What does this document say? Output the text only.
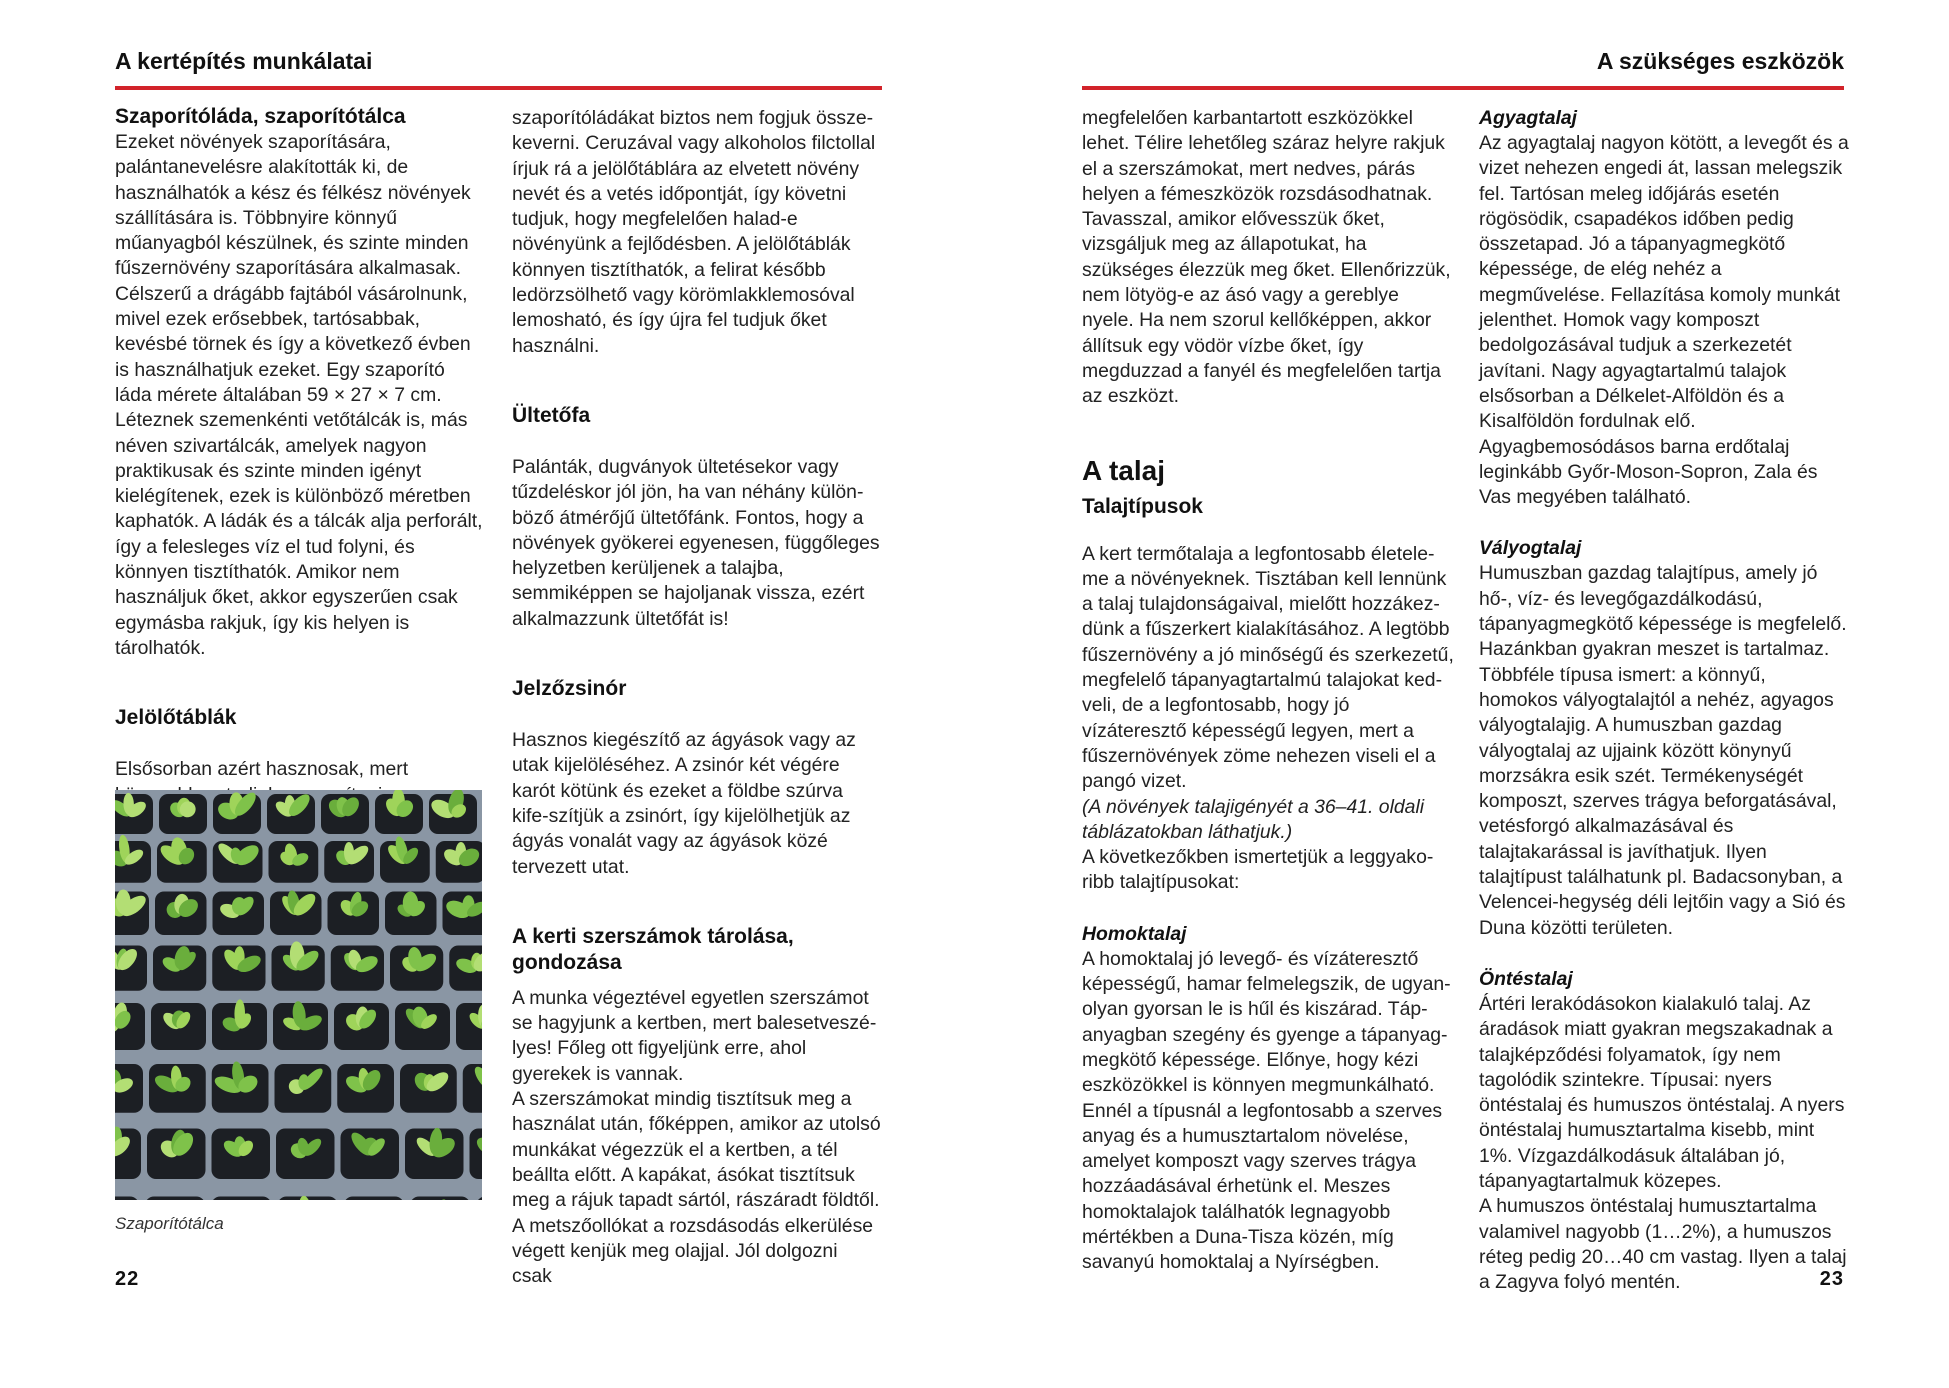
A kertépítés munkálatai

Szaporítóláda, szaporítótálca

Ezeket növények szaporítására, palántanevelésre alakították ki, de használhatók a kész és félkész növények szállítására is. Többnyire könnyű műanyagból készülnek, és szinte minden fűszernövény szaporítására alkalmasak. Célszerű a drágább fajtából vásárolnunk, mivel ezek erősebbek, tartósabbak, kevésbé törnek és így a következő évben is használhatjuk ezeket. Egy szaporító láda mérete általában 59 × 27 × 7 cm. Léteznek szemenkénti vetőtálcák is, más néven szivartálcák, amelyek nagyon praktikusak és szinte minden igényt kielégítenek, ezek is különböző méretben kaphatók. A ládák és a tálcák alja perforált, így a felesleges víz el tud folyni, és könnyen tisztíthatók. Amikor nem használjuk őket, akkor egyszerűen csak egymásba rakjuk, így kis helyen is tárolhatók.

Jelölőtáblák

Elsősorban azért hasznosak, mert

Szaporítótálca

szaporítóládákat biztos nem fogjuk összekeverni. Ceruzával vagy alkoholos filctollal írjuk rá a jelölőtáblára az elvetett növény nevét és a vetés időpontját, így követni tudjuk, hogy megfelelően halad-e növényünk a fejlődésben. A jelölőtáblák könnyen tisztíthatók, a felirat később ledörzsölhető vagy körömlakklemosóval lemosható, és így újra fel tudjuk őket használni.

Ültetőfa

Palánták, dugványok ültetésekor vagy tűzdeléskor jól jön, ha van néhány különböző átmérőjű ültetőfánk. Fontos, hogy a növények gyökerei egyenesen, függőleges helyzetben kerüljenek a talajba, semmiképpen se hajoljanak vissza, ezért alkalmazzunk ültetőfát is!

Jelzőzsinór

Hasznos kiegészítő az ágyások vagy az utak kijelöléséhez. A zsinór két végére karót kötünk és ezeket a földbe szúrva kife-szítjük a zsinórt, így kijelölhetjük az ágyás vonalát vagy az ágyások közé tervezett utat.

A kerti szerszámok tárolása, gondozása

A munka végeztével egyetlen szerszámot se hagyjunk a kertben, mert balesetveszélyes! Főleg ott figyeljünk erre, ahol gyerekek is vannak.

A szerszámokat mindig tisztítsuk meg a használat után, főképpen, amikor az utolsó munkákat végezzük el a kertben, a tél beállta előtt. A kapákat, ásókat tisztítsuk meg a rájuk tapadt sártól, rászáradt földtől. A metszőollókat a rozsdásodás elkerülése végett kenjük meg olajjal. Jól dolgozni csak

22
A szükséges eszközök

megfelelően karbantartott eszközökkel lehet. Télire lehetőleg száraz helyre rakjuk el a szerszámokat, mert nedves, párás helyen a fémeszközök rozsdásodhatnak. Tavasszal, amikor elővesszük őket, vizsgáljuk meg az állapotukat, ha szükséges élezzük meg őket. Ellenőrizzük, nem lötyög-e az ásó vagy a gereblye nyele. Ha nem szorul kellőképpen, akkor állítsuk egy vödör vízbe őket, így megduzzad a fanyél és megfelelően tartja az eszközt.

A talaj

Talajtípusok

A kert termőtalaja a legfontosabb életeleme a növényeknek. Tisztában kell lennünk a talaj tulajdonságaival, mielőtt hozzákezdünk a fűszerkert kialakításához. A legtöbb fűszernövény a jó minőségű és szerkezetű, megfelelő tápanyagtartalmú talajokat kedveli, de a legfontosabb, hogy jó vízáteresztő képességű legyen, mert a fűszernövények zöme nehezen viseli el a pangó vizet.

(A növények talajigényét a 36–41. oldali táblázatokban láthatjuk.)

A következőkben ismertetjük a leggyakoribb talajtípusokat:

Homoktalaj

A homoktalaj jó levegő- és vízáteresztő képességű, hamar felmelegszik, de ugyanolyan gyorsan le is hűl és kiszárad. Tápanyagban szegény és gyenge a tápanyagmegkötő képessége. Előnye, hogy kézi eszközökkel is könnyen megmunkálható. Ennél a típusnál a legfontosabb a szerves anyag és a humusztartalom növelése, amelyet komposzt vagy szerves trágya hozzáadásával érhetünk el. Meszes homoktalajok találhatók legnagyobb mértékben a Duna-Tisza közén, míg savanyú homoktalaj a Nyírségben.

Agyagtalaj

Az agyagtalaj nagyon kötött, a levegőt és a vizet nehezen engedi át, lassan melegszik fel. Tartósan meleg időjárás esetén rögösödik, csapadékos időben pedig összetapad. Jó a tápanyagmegkötő képessége, de elég nehéz a megművelése. Fellazítása komoly munkát jelenthet. Homok vagy komposzt bedolgozásával tudjuk a szerkezetét javítani. Nagy agyagtartalmú talajok elsősorban a Délkelet-Alföldön és a Kisalföldön fordulnak elő. Agyagbemosódásos barna erdőtalaj leginkább Győr-Moson-Sopron, Zala és Vas megyében található.

Vályogtalaj

Humuszban gazdag talajtípus, amely jó hő-, víz- és levegőgazdálkodású, tápanyagmegkötő képessége is megfelelő. Hazánkban gyakran meszet is tartalmaz. Többféle típusa ismert: a könnyű, homokos vályogtalajtól a nehéz, agyagos vályogtalajig. A humuszban gazdag vályogtalaj az ujjaink között könynyű morzsákra esik szét. Termékenységét komposzt, szerves trágya beforgatásával, vetésforgó alkalmazásával és talajtakarással is javíthatjuk. Ilyen talajtípust találhatunk pl. Badacsonyban, a Velencei-hegység déli lejtőin vagy a Sió és Duna közötti területen.

Öntéstalaj

Ártéri lerakódásokon kialakuló talaj. Az áradások miatt gyakran megszakadnak a talajképződési folyamatok, így nem tagolódik szintekre. Típusai: nyers öntéstalaj és humuszos öntéstalaj. A nyers öntéstalaj humusztartalma kisebb, mint 1%. Vízgazdálkodásuk általában jó, tápanyagtartalmuk közepes.

A humuszos öntéstalaj humusztartalma valamivel nagyobb (1…2%), a humuszos réteg pedig 20…40 cm vastag. Ilyen a talaj a Zagyva folyó mentén.	23
